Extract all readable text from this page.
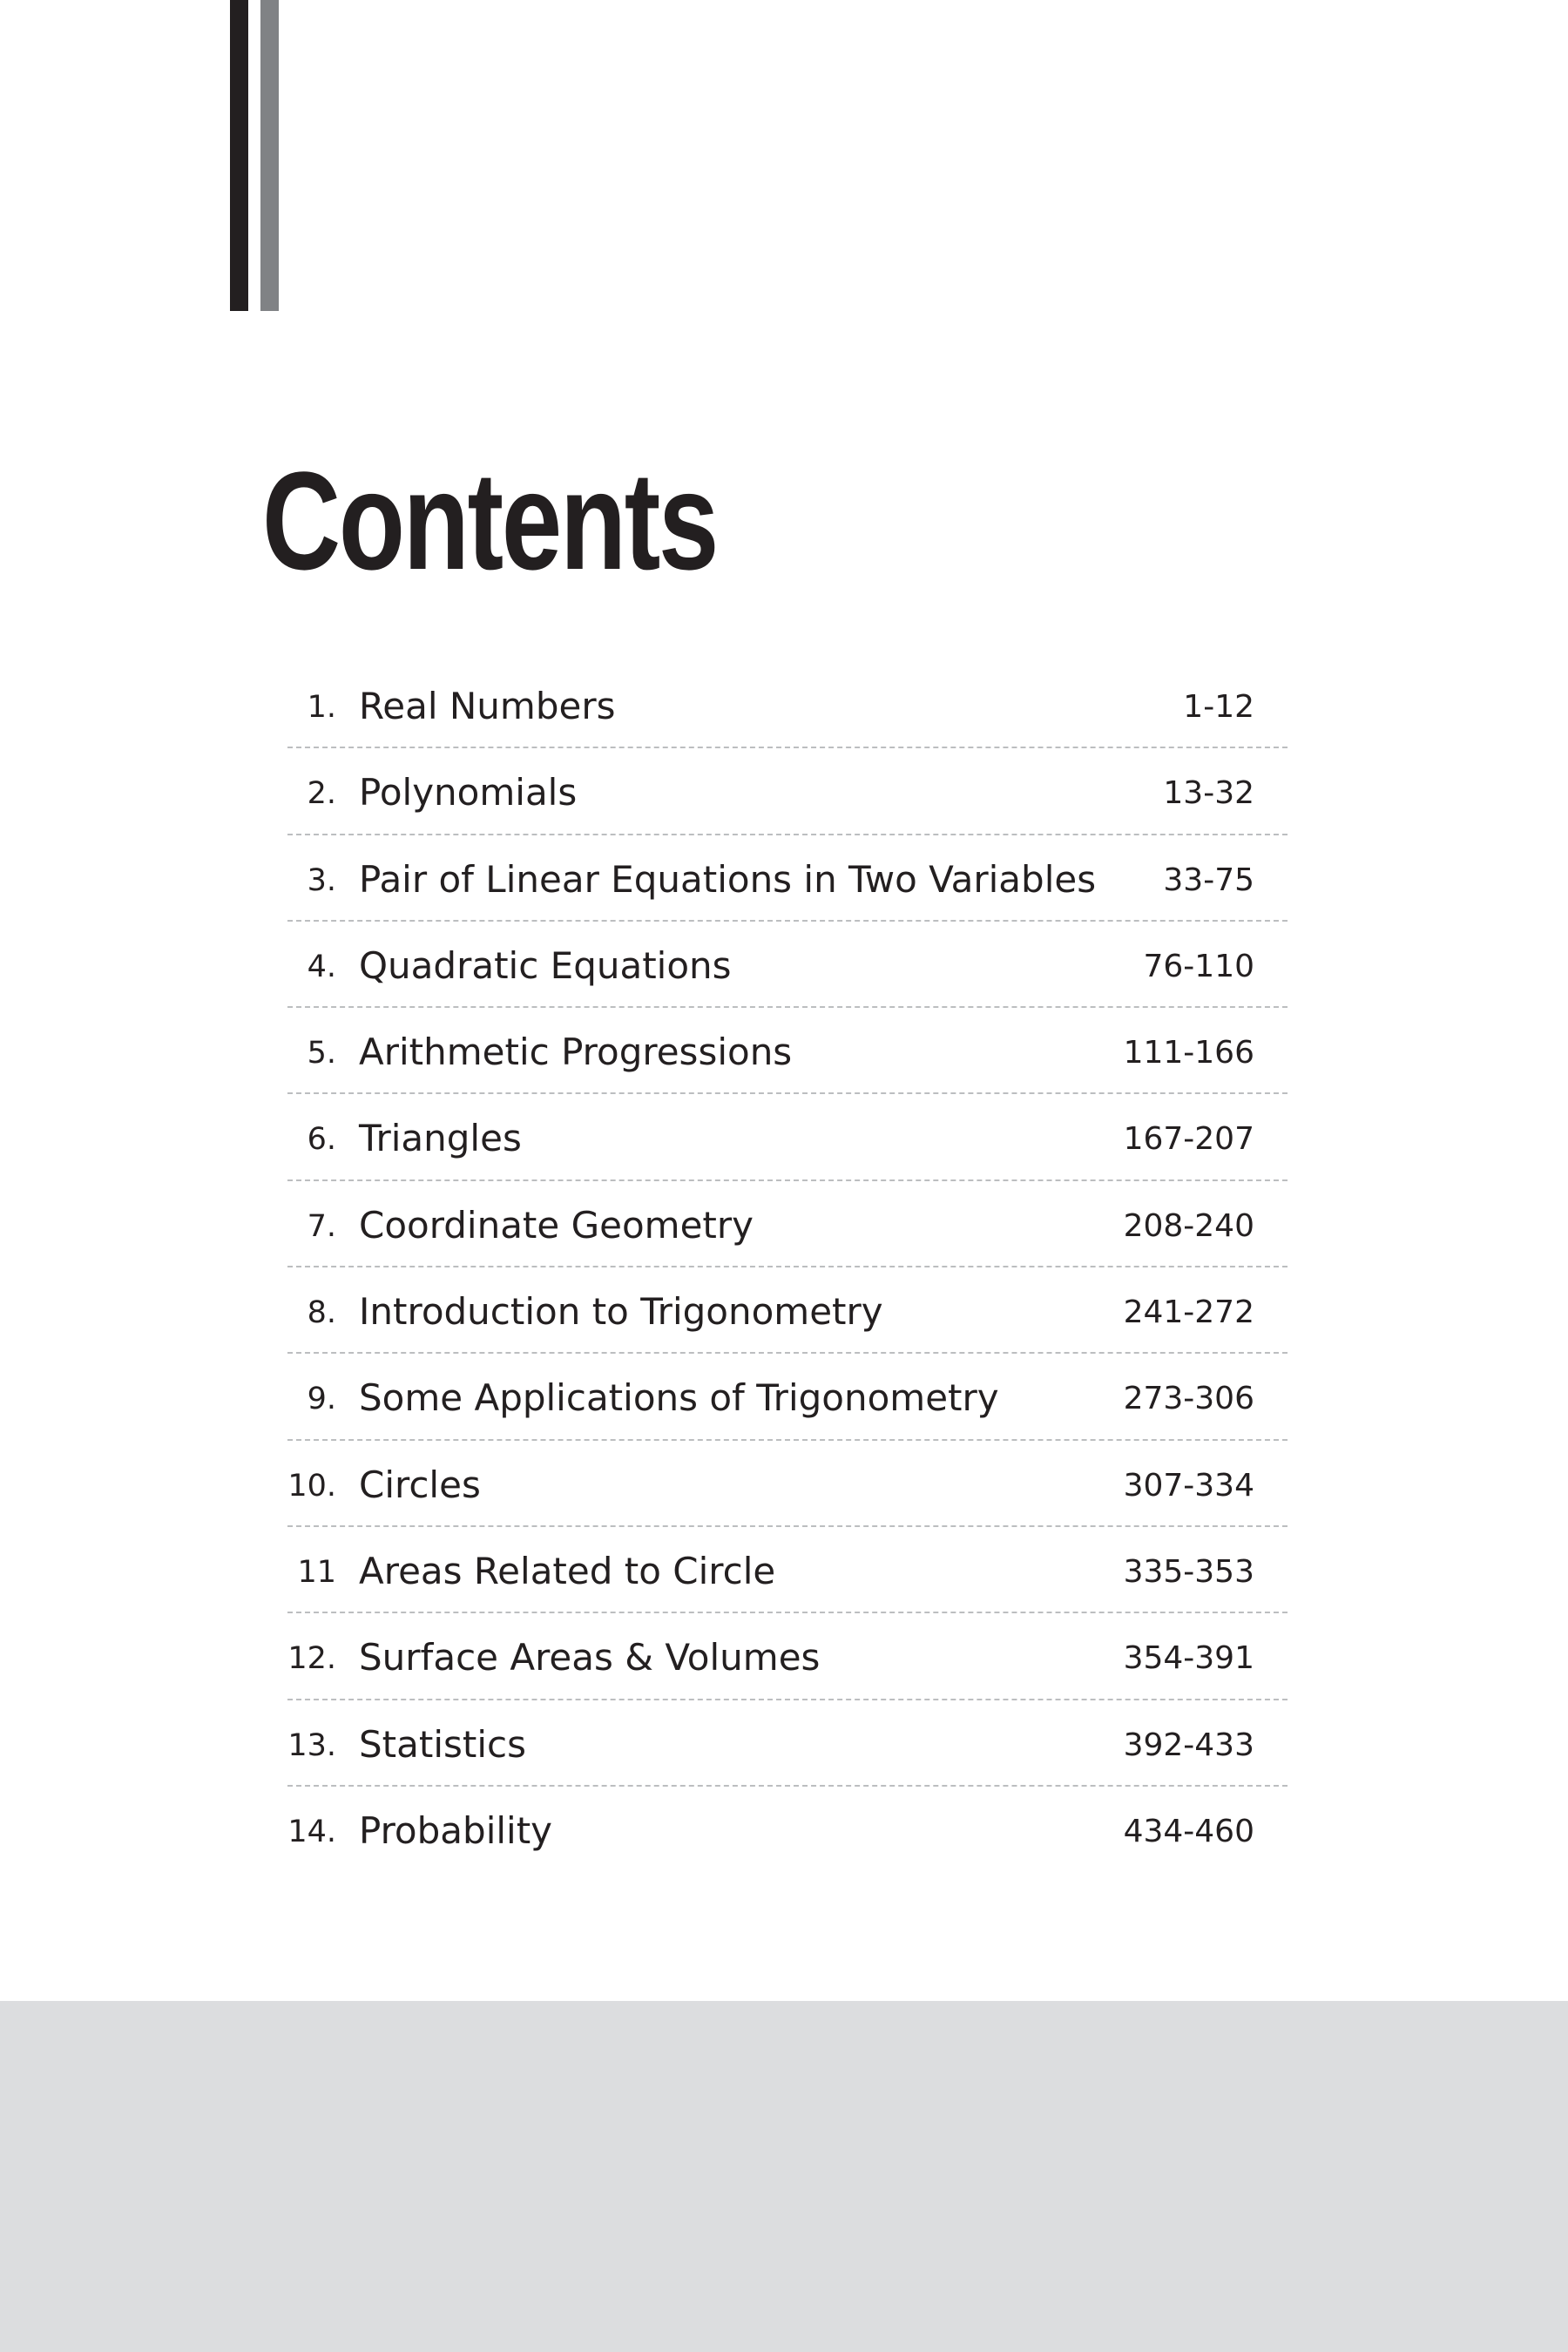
Contents
1. Real Numbers	1-12
2. Polynomials	13-32
3. Pair of Linear Equations in Two Variables 33-75
4. Quadratic Equations	76-110
5. Arithmetic Progressions	111-166
6. Triangles	167-207
7. Coordinate Geometry	208-240
8. Introduction to Trigonometry	241-272
9. Some Applications of Trigonometry	273-306
10. Circles	307-334
11 Areas Related to Circle	335-353
12. Surface Areas & Volumes	354-391
13. Statistics	392-433
14. Probability	434-460
